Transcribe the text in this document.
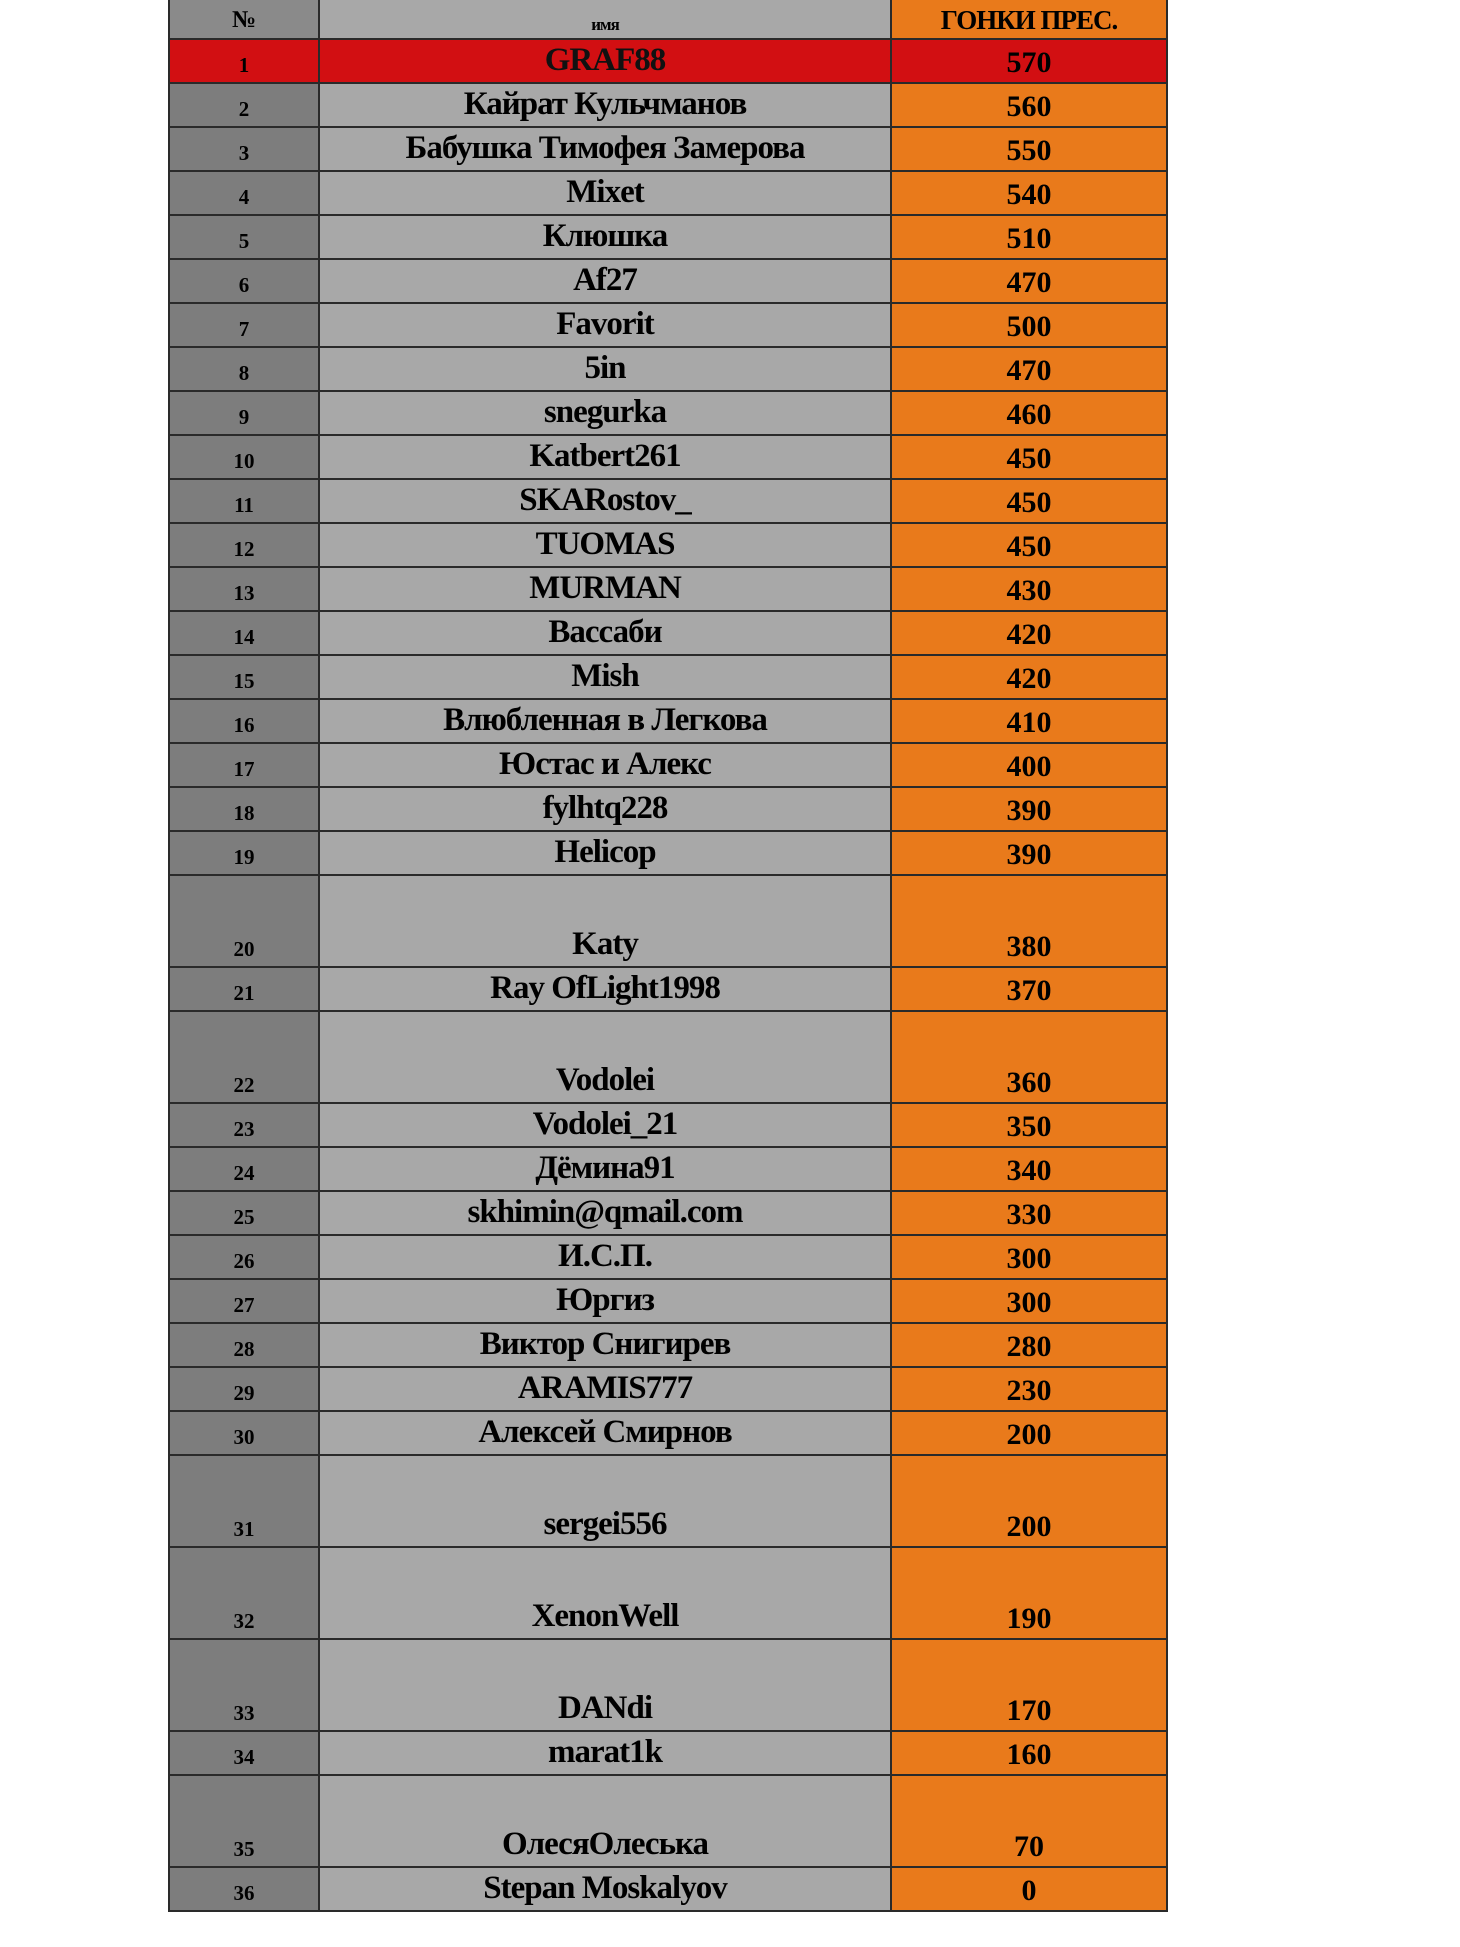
№	имя	ГОНКИ ПРЕС.
1	GRAF88	570
2	Кайрат Кульчманов	560
3	Бабушка Тимофея Замерова	550
4	Mixet	540
5	Клюшка	510
6	Af27	470
7	Favorit	500
8	5in	470
9	snegurka	460
10	Katbert261	450
11	SKARostov_	450
12	TUOMAS	450
13	MURMAN	430
14	Вассаби	420
15	Mish	420
16	Влюбленная в Легкова	410
17	Юстас и Алекс	400
18	fylhtq228	390
19	Helicop	390
20	Katy	380
21	Ray OfLight1998	370
22	Vodolei	360
23	Vodolei_21	350
24	Дёмина91	340
25	skhimin@qmail.com	330
26	И.С.П.	300
27	Юргиз	300
28	Виктор Снигирев	280
29	ARAMIS777	230
30	Алексей Смирнов	200
31	sergei556	200
32	XenonWell	190
33	DANdi	170
34	marat1k	160
35	ОлесяОлеська	70
36	Stepan Moskalyov	0
